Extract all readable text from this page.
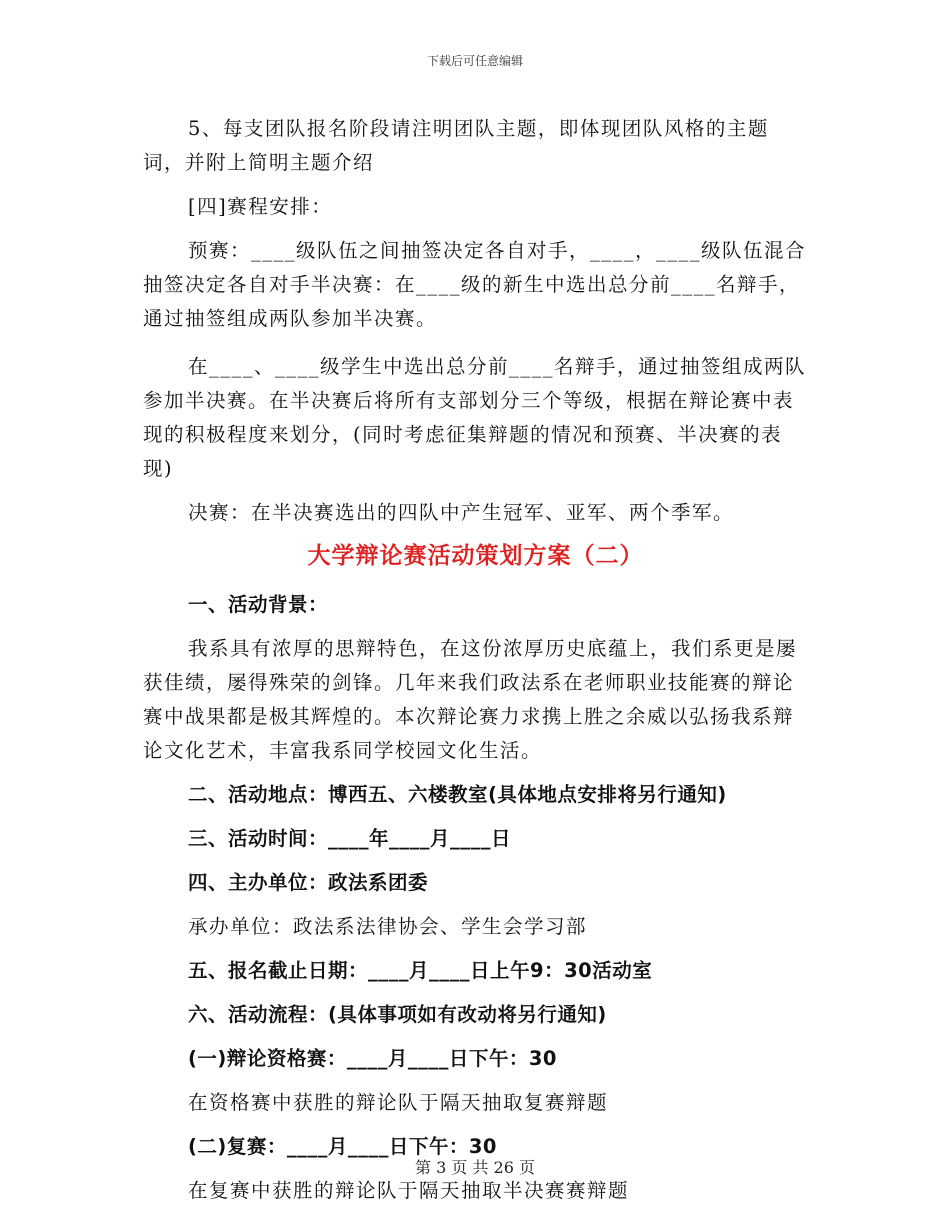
下载后可任意编辑

5、每支团队报名阶段请注明团队主题，即体现团队风格的主题词，并附上简明主题介绍

[四]赛程安排：

预赛：____级队伍之间抽签决定各自对手，____，____级队伍混合抽签决定各自对手半决赛：在____级的新生中选出总分前____名辩手，通过抽签组成两队参加半决赛。

在____、____级学生中选出总分前____名辩手，通过抽签组成两队参加半决赛。在半决赛后将所有支部划分三个等级，根据在辩论赛中表现的积极程度来划分，(同时考虑征集辩题的情况和预赛、半决赛的表现)

决赛：在半决赛选出的四队中产生冠军、亚军、两个季军。

大学辩论赛活动策划方案（二）

一、活动背景：

我系具有浓厚的思辩特色，在这份浓厚历史底蕴上，我们系更是屡获佳绩，屡得殊荣的剑锋。几年来我们政法系在老师职业技能赛的辩论赛中战果都是极其辉煌的。本次辩论赛力求携上胜之余威以弘扬我系辩论文化艺术，丰富我系同学校园文化生活。

二、活动地点：博西五、六楼教室(具体地点安排将另行通知)

三、活动时间：____年____月____日

四、主办单位：政法系团委

承办单位：政法系法律协会、学生会学习部

五、报名截止日期：____月____日上午9：30活动室

六、活动流程：(具体事项如有改动将另行通知)

(一)辩论资格赛：____月____日下午：30

在资格赛中获胜的辩论队于隔天抽取复赛辩题

(二)复赛：____月____日下午：30

在复赛中获胜的辩论队于隔天抽取半决赛赛辩题

第 3 页 共 26 页
